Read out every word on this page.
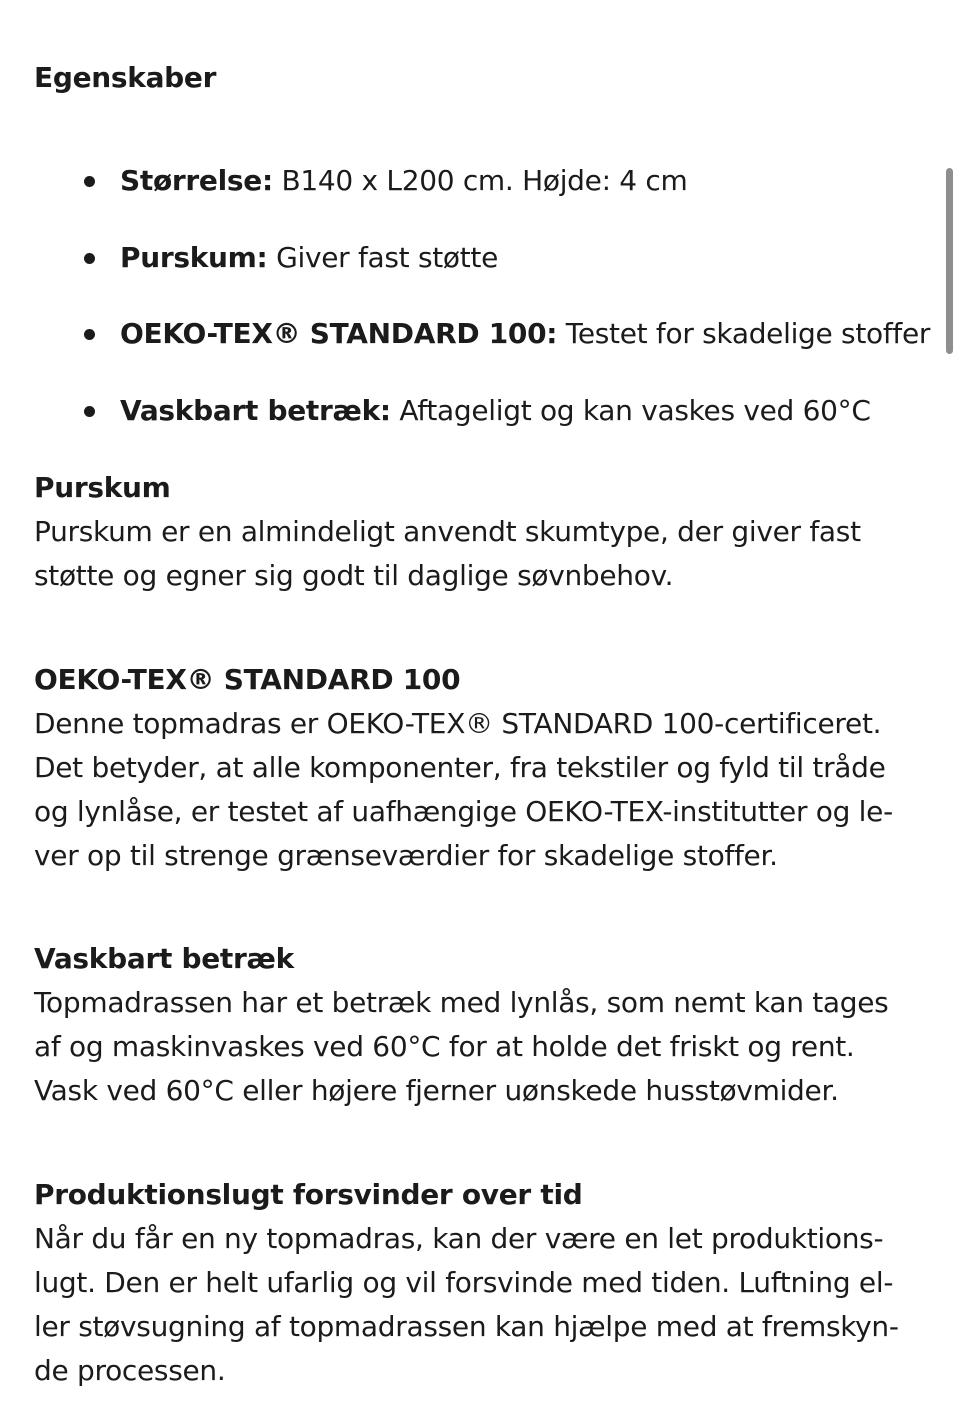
Egenskaber
Størrelse: B140 x L200 cm. Højde: 4 cm
Purskum: Giver fast støtte
OEKO-TEX® STANDARD 100: Testet for skadelige stoffer
Vaskbart betræk: Aftageligt og kan vaskes ved 60°C
Purskum
Purskum er en almindeligt anvendt skumtype, der giver fast
støtte og egner sig godt til daglige søvnbehov.
OEKO-TEX® STANDARD 100
Denne topmadras er OEKO-TEX® STANDARD 100-certificeret.
Det betyder, at alle komponenter, fra tekstiler og fyld til tråde
og lynlåse, er testet af uafhængige OEKO-TEX-institutter og le-
ver op til strenge grænseværdier for skadelige stoffer.
Vaskbart betræk
Topmadrassen har et betræk med lynlås, som nemt kan tages
af og maskinvaskes ved 60°C for at holde det friskt og rent.
Vask ved 60°C eller højere fjerner uønskede husstøvmider.
Produktionslugt forsvinder over tid
Når du får en ny topmadras, kan der være en let produktions-
lugt. Den er helt ufarlig og vil forsvinde med tiden. Luftning el-
ler støvsugning af topmadrassen kan hjælpe med at fremskyn-
de processen.
